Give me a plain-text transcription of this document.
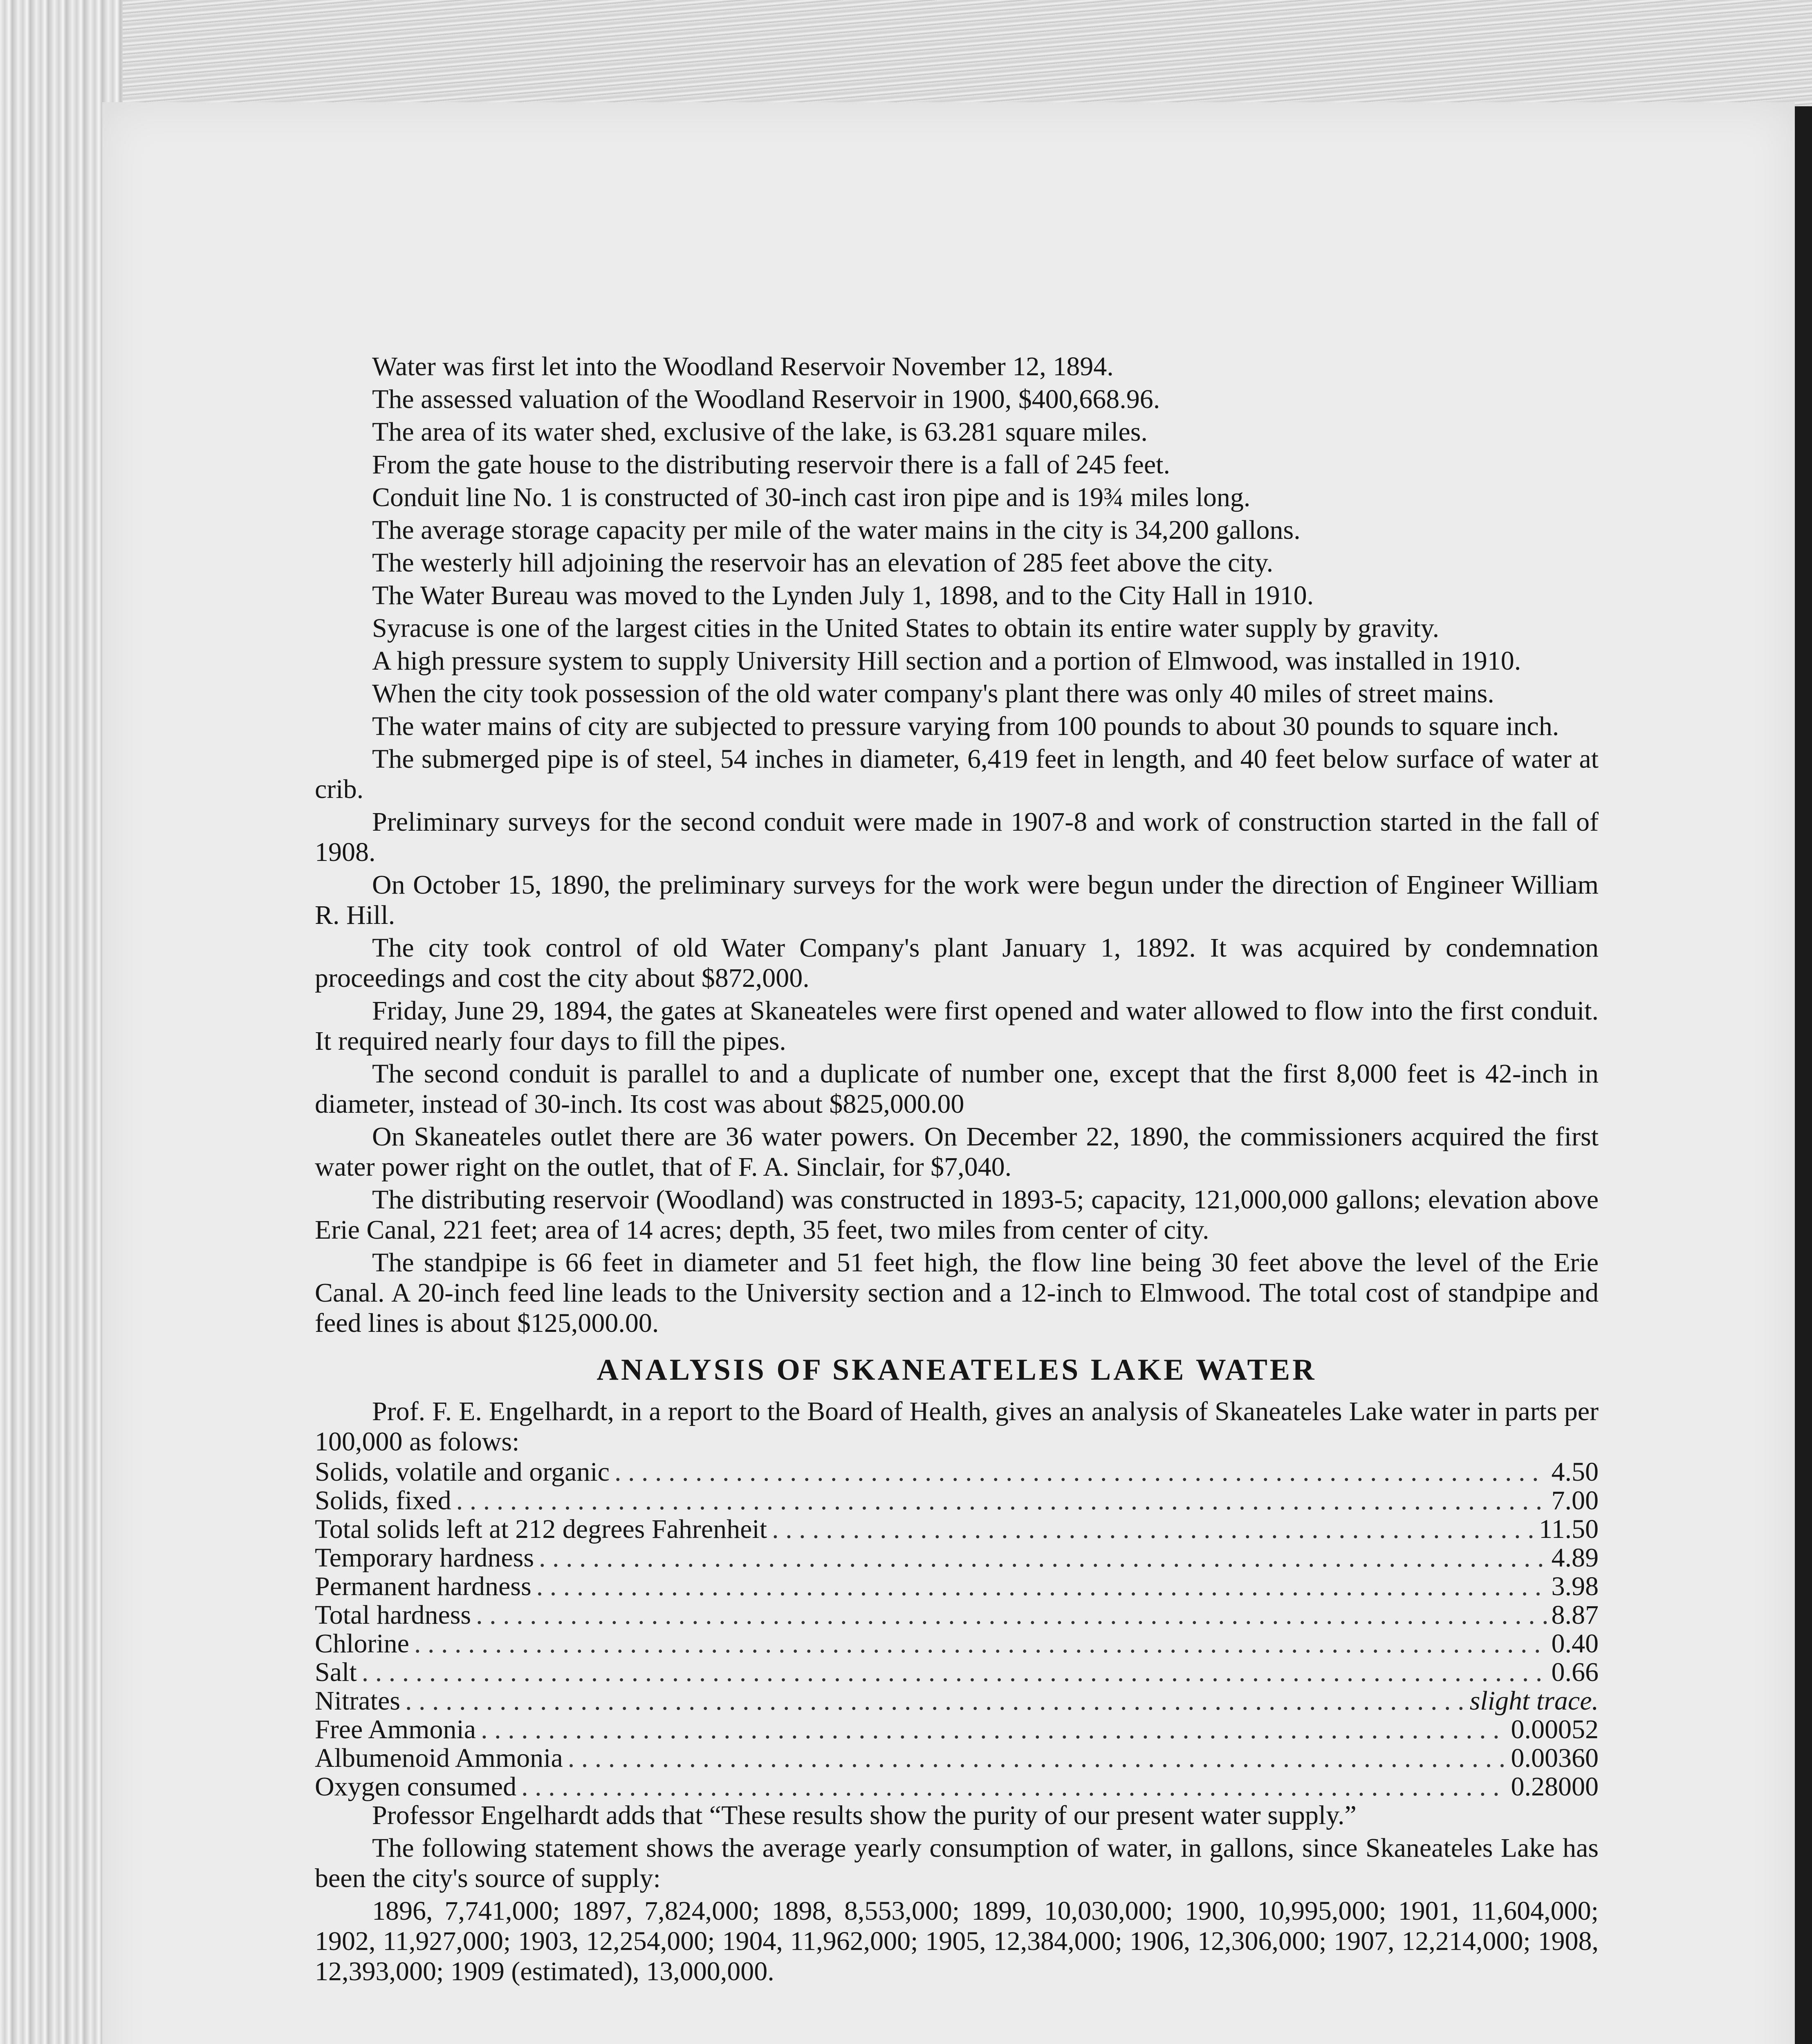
Water was first let into the Woodland Reservoir November 12, 1894.

The assessed valuation of the Woodland Reservoir in 1900, $400,668.96.

The area of its water shed, exclusive of the lake, is 63.281 square miles.

From the gate house to the distributing reservoir there is a fall of 245 feet.

Conduit line No. 1 is constructed of 30-inch cast iron pipe and is 19¾ miles long.

The average storage capacity per mile of the water mains in the city is 34,200 gallons.

The westerly hill adjoining the reservoir has an elevation of 285 feet above the city.

The Water Bureau was moved to the Lynden July 1, 1898, and to the City Hall in 1910.

Syracuse is one of the largest cities in the United States to obtain its entire water supply by gravity.

A high pressure system to supply University Hill section and a portion of Elmwood, was installed in 1910.

When the city took possession of the old water company's plant there was only 40 miles of street mains.

The water mains of city are subjected to pressure varying from 100 pounds to about 30 pounds to square inch.

The submerged pipe is of steel, 54 inches in diameter, 6,419 feet in length, and 40 feet below surface of water at crib.

Preliminary surveys for the second conduit were made in 1907-8 and work of construction started in the fall of 1908.

On October 15, 1890, the preliminary surveys for the work were begun under the direction of Engineer William R. Hill.

The city took control of old Water Company's plant January 1, 1892. It was acquired by condemnation proceedings and cost the city about $872,000.

Friday, June 29, 1894, the gates at Skaneateles were first opened and water allowed to flow into the first conduit. It required nearly four days to fill the pipes.

The second conduit is parallel to and a duplicate of number one, except that the first 8,000 feet is 42-inch in diameter, instead of 30-inch. Its cost was about $825,000.00

On Skaneateles outlet there are 36 water powers. On December 22, 1890, the commissioners acquired the first water power right on the outlet, that of F. A. Sinclair, for $7,040.

The distributing reservoir (Woodland) was constructed in 1893-5; capacity, 121,000,000 gallons; elevation above Erie Canal, 221 feet; area of 14 acres; depth, 35 feet, two miles from center of city.

The standpipe is 66 feet in diameter and 51 feet high, the flow line being 30 feet above the level of the Erie Canal. A 20-inch feed line leads to the University section and a 12-inch to Elmwood. The total cost of standpipe and feed lines is about $125,000.00.

ANALYSIS OF SKANEATELES LAKE WATER

Prof. F. E. Engelhardt, in a report to the Board of Health, gives an analysis of Skaneateles Lake water in parts per 100,000 as folows:

Solids, volatile and organic . . .	4.50
Solids, fixed . . .	7.00
Total solids left at 212 degrees Fahrenheit . . .	11.50
Temporary hardness . . .	4.89
Permanent hardness . . .	3.98
Total hardness . . .	8.87
Chlorine . . .	0.40
Salt . . .	0.66
Nitrates . . .	slight trace.
Free Ammonia . . .	0.00052
Albumenoid Ammonia . . .	0.00360
Oxygen consumed . . .	0.28000

Professor Engelhardt adds that “These results show the purity of our present water supply.”

The following statement shows the average yearly consumption of water, in gallons, since Skaneateles Lake has been the city's source of supply:

1896, 7,741,000; 1897, 7,824,000; 1898, 8,553,000; 1899, 10,030,000; 1900, 10,995,000; 1901, 11,604,000; 1902, 11,927,000; 1903, 12,254,000; 1904, 11,962,000; 1905, 12,384,000; 1906, 12,306,000; 1907, 12,214,000; 1908, 12,393,000; 1909 (estimated), 13,000,000.
